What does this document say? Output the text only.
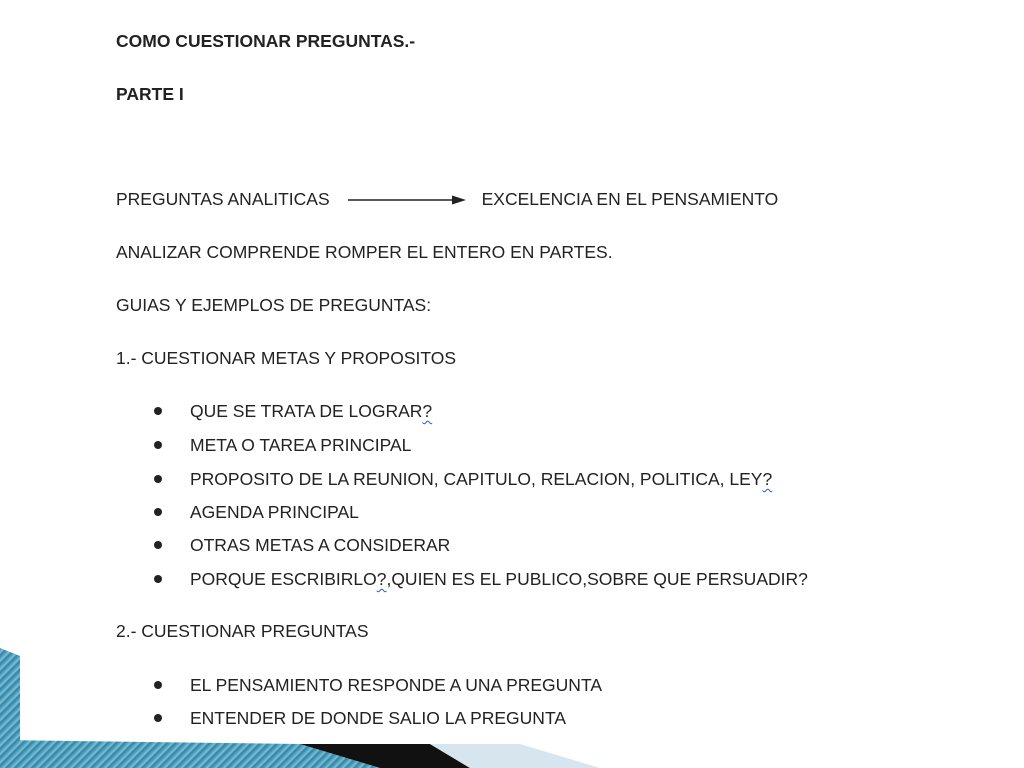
COMO CUESTIONAR PREGUNTAS.-
PARTE I
PREGUNTAS ANALITICAS	EXCELENCIA EN EL PENSAMIENTO
ANALIZAR COMPRENDE ROMPER EL ENTERO EN PARTES.
GUIAS Y EJEMPLOS DE PREGUNTAS:
1.- CUESTIONAR METAS Y PROPOSITOS
QUE SE TRATA DE LOGRAR?
META O TAREA PRINCIPAL
PROPOSITO DE LA REUNION, CAPITULO, RELACION, POLITICA, LEY?
AGENDA PRINCIPAL
OTRAS METAS A CONSIDERAR
PORQUE ESCRIBIRLO?,QUIEN ES EL PUBLICO,SOBRE QUE PERSUADIR?
2.- CUESTIONAR PREGUNTAS
EL PENSAMIENTO RESPONDE A UNA PREGUNTA
ENTENDER DE DONDE SALIO LA PREGUNTA
